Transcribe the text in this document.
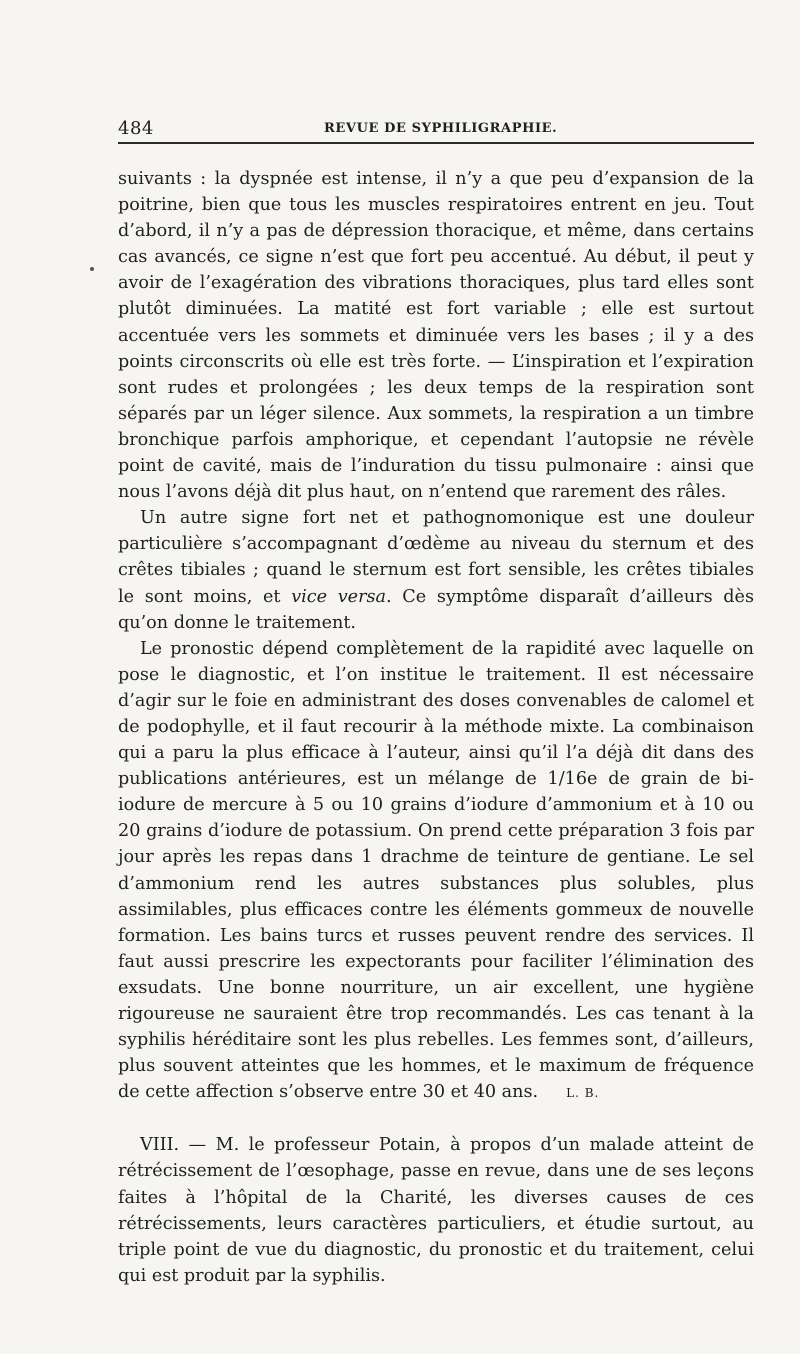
484	REVUE DE SYPHILIGRAPHIE.

suivants : la dyspnée est intense, il n’y a que peu d’expansion de la poitrine, bien que tous les muscles respiratoires entrent en jeu. Tout d’abord, il n’y a pas de dépression thoracique, et même, dans certains cas avancés, ce signe n’est que fort peu accentué. Au début, il peut y avoir de l’exagération des vibrations thoraciques, plus tard elles sont plutôt diminuées. La matité est fort variable ; elle est surtout accentuée vers les sommets et diminuée vers les bases ; il y a des points circonscrits où elle est très forte. — L’inspiration et l’expiration sont rudes et prolongées ; les deux temps de la respiration sont séparés par un léger silence. Aux sommets, la respiration a un timbre bronchique parfois amphorique, et cependant l’autopsie ne révèle point de cavité, mais de l’induration du tissu pulmonaire : ainsi que nous l’avons déjà dit plus haut, on n’entend que rarement des râles.

Un autre signe fort net et pathognomonique est une douleur particulière s’accompagnant d’œdème au niveau du sternum et des crêtes tibiales ; quand le sternum est fort sensible, les crêtes tibiales le sont moins, et vice versa. Ce symptôme disparaît d’ailleurs dès qu’on donne le traitement.

Le pronostic dépend complètement de la rapidité avec laquelle on pose le diagnostic, et l’on institue le traitement. Il est nécessaire d’agir sur le foie en administrant des doses convenables de calomel et de podophylle, et il faut recourir à la méthode mixte. La combinaison qui a paru la plus efficace à l’auteur, ainsi qu’il l’a déjà dit dans des publications antérieures, est un mélange de 1/16e de grain de bi-iodure de mercure à 5 ou 10 grains d’iodure d’ammonium et à 10 ou 20 grains d’iodure de potassium. On prend cette préparation 3 fois par jour après les repas dans 1 drachme de teinture de gentiane. Le sel d’ammonium rend les autres substances plus solubles, plus assimilables, plus efficaces contre les éléments gommeux de nouvelle formation. Les bains turcs et russes peuvent rendre des services. Il faut aussi prescrire les expectorants pour faciliter l’élimination des exsudats. Une bonne nourriture, un air excellent, une hygiène rigoureuse ne sauraient être trop recommandés. Les cas tenant à la syphilis héréditaire sont les plus rebelles. Les femmes sont, d’ailleurs, plus souvent atteintes que les hommes, et le maximum de fréquence de cette affection s’observe entre 30 et 40 ans. L. B.

VIII. — M. le professeur Potain, à propos d’un malade atteint de rétrécissement de l’œsophage, passe en revue, dans une de ses leçons faites à l’hôpital de la Charité, les diverses causes de ces rétrécissements, leurs caractères particuliers, et étudie surtout, au triple point de vue du diagnostic, du pronostic et du traitement, celui qui est produit par la syphilis.
